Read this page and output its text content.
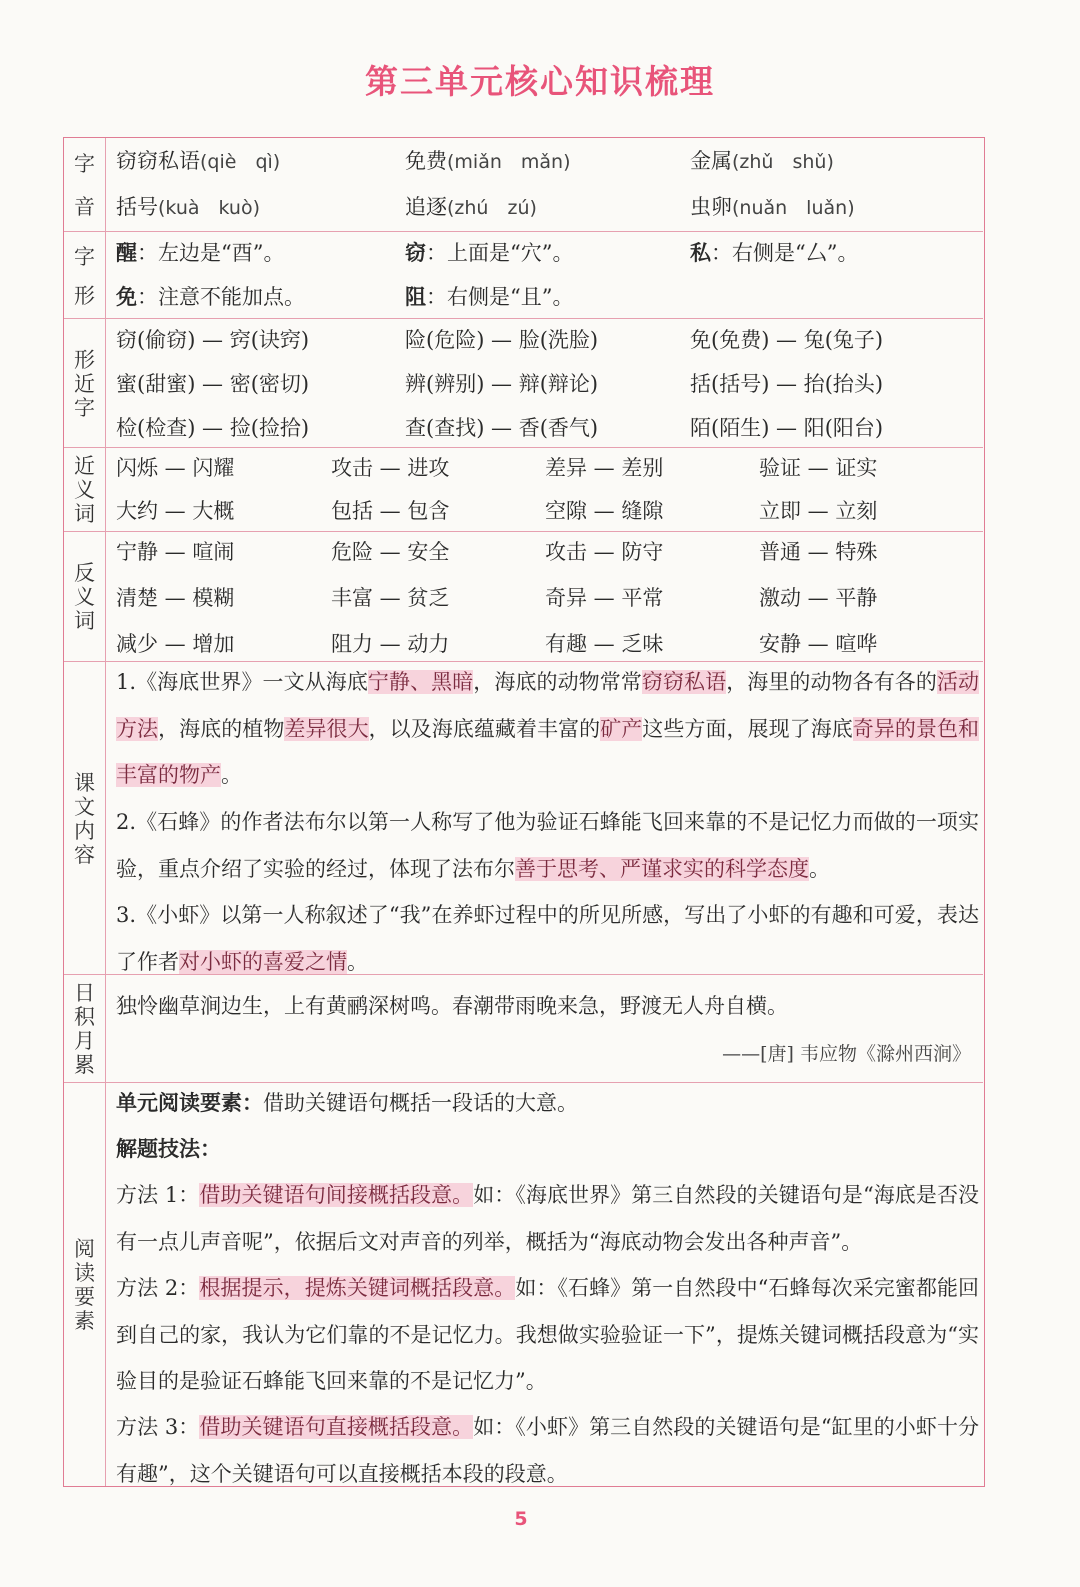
第三单元核心知识梳理
字
音
窃窃私语(qiè　qì)	免费(miǎn　mǎn)	金属(zhǔ　shǔ)
括号(kuà　kuò)	追逐(zhú　zú)	虫卵(nuǎn　luǎn)
字
形
醒：左边是“酉”。	窃：上面是“穴”。	私：右侧是“厶”。
免：注意不能加点。	阻：右侧是“且”。
形
近
字
窃(偷窃) — 窍(诀窍)	险(危险) — 脸(洗脸)	免(免费) — 兔(兔子)
蜜(甜蜜) — 密(密切)	辨(辨别) — 辩(辩论)	括(括号) — 抬(抬头)
检(检查) — 捡(捡拾)	查(查找) — 香(香气)	陌(陌生) — 阳(阳台)
近
义
词
闪烁 — 闪耀	攻击 — 进攻	差异 — 差别	验证 — 证实
大约 — 大概	包括 — 包含	空隙 — 缝隙	立即 — 立刻
反
义
词
宁静 — 喧闹	危险 — 安全	攻击 — 防守	普通 — 特殊
清楚 — 模糊	丰富 — 贫乏	奇异 — 平常	激动 — 平静
减少 — 增加	阻力 — 动力	有趣 — 乏味	安静 — 喧哗
课
文
内
容
1.《海底世界》一文从海底宁静、黑暗，海底的动物常常窃窃私语，海里的动物各有各的活动方法，海底的植物差异很大，以及海底蕴藏着丰富的矿产这些方面，展现了海底奇异的景色和丰富的物产。
2.《石蜂》的作者法布尔以第一人称写了他为验证石蜂能飞回来靠的不是记忆力而做的一项实验，重点介绍了实验的经过，体现了法布尔善于思考、严谨求实的科学态度。
3.《小虾》以第一人称叙述了“我”在养虾过程中的所见所感，写出了小虾的有趣和可爱，表达了作者对小虾的喜爱之情。
日
积
月
累
独怜幽草涧边生，上有黄鹂深树鸣。春潮带雨晚来急，野渡无人舟自横。
——[唐] 韦应物《滁州西涧》
阅
读
要
素
单元阅读要素：借助关键语句概括一段话的大意。
解题技法：
方法 1：借助关键语句间接概括段意。如：《海底世界》第三自然段的关键语句是“海底是否没有一点儿声音呢”，依据后文对声音的列举，概括为“海底动物会发出各种声音”。
方法 2：根据提示，提炼关键词概括段意。如：《石蜂》第一自然段中“石蜂每次采完蜜都能回到自己的家，我认为它们靠的不是记忆力。我想做实验验证一下”，提炼关键词概括段意为“实验目的是验证石蜂能飞回来靠的不是记忆力”。
方法 3：借助关键语句直接概括段意。如：《小虾》第三自然段的关键语句是“缸里的小虾十分有趣”，这个关键语句可以直接概括本段的段意。
5
